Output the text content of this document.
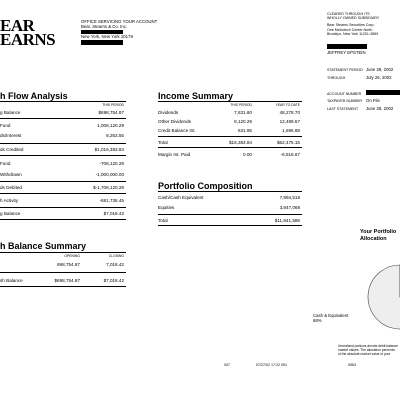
EAR
EARNS
OFFICE SERVICING YOUR ACCOUNT
Bear, Stearns & Co. Inc.
New York, New York 10179
CLEARED THROUGH ITS
WHOLLY OWNED SUBSIDIARY
Bear Stearns Securities Corp.
One Metrotech Center North
Brooklyn, New York 11201-3859
JEFFREY EPSTEIN
STATEMENT PERIOD June 29, 2002
THROUGH	July 26, 2002
ACCOUNT NUMBER
TAXPAYER NUMBER On File
LAST STATEMENT June 28, 2002
h Flow Analysis
THIS PERIOD
g Balance	$698,754.87
Fund	1,008,120.29
ds/Interest	8,263.55
ds Credited	$1,016,383.84
Fund	-708,120.29
Withdrawn	-1,000,000.00
ds Debited	$-1,708,120.29
h Activity	-691,736.45
g Balance	$7,018.42
Income Summary
THIS PERIOD	YEAR TO DATE
Dividends	7,631.60	48,278.70
Other Dividends	8,120.29	12,499.57
Credit Balance Int.	631.95	1,696.88
Total	$16,383.84	$62,475.15
Margin Int. Paid	0.00	-6,516.67
Portfolio Composition
Cash/Cash Equivalent	7,994,518
Equities	3,847,068
Total	$11,841,586
h Balance Summary
OPENING	CLOSING
698,754.87	7,018.42
sh Balance	$698,754.87	$7,018.42
Your Portfolio
Allocation
Cash & Equivalent
68%
Unrealized portions denote debit balance
market values. The allocation percenta
of the absolute market value of your
007	07/27/02 17:22 051	0563
